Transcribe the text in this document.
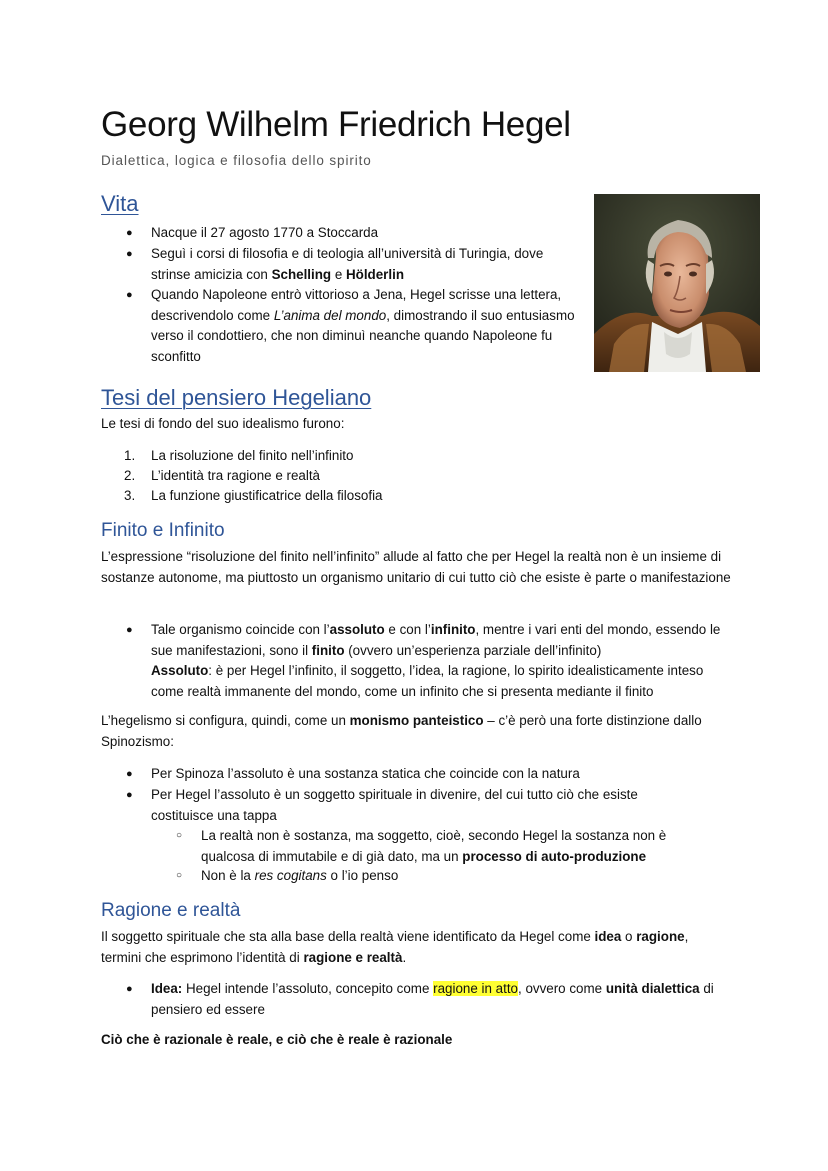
Georg Wilhelm Friedrich Hegel
Dialettica, logica e filosofia dello spirito
Vita
● Nacque il 27 agosto 1770 a Stoccarda
● Seguì i corsi di filosofia e di teologia all’università di Turingia, dove strinse amicizia con Schelling e Hölderlin
● Quando Napoleone entrò vittorioso a Jena, Hegel scrisse una lettera, descrivendolo come L’anima del mondo, dimostrando il suo entusiasmo verso il condottiero, che non diminuì neanche quando Napoleone fu sconfitto
Tesi del pensiero Hegeliano
Le tesi di fondo del suo idealismo furono:
1. La risoluzione del finito nell’infinito
2. L’identità tra ragione e realtà
3. La funzione giustificatrice della filosofia
Finito e Infinito
L’espressione “risoluzione del finito nell’infinito” allude al fatto che per Hegel la realtà non è un insieme di sostanze autonome, ma piuttosto un organismo unitario di cui tutto ciò che esiste è parte o manifestazione
● Tale organismo coincide con l’assoluto e con l’infinito, mentre i vari enti del mondo, essendo le sue manifestazioni, sono il finito (ovvero un’esperienza parziale dell’infinito)
Assoluto: è per Hegel l’infinito, il soggetto, l’idea, la ragione, lo spirito idealisticamente inteso come realtà immanente del mondo, come un infinito che si presenta mediante il finito
L’hegelismo si configura, quindi, come un monismo panteistico – c’è però una forte distinzione dallo Spinozismo:
● Per Spinoza l’assoluto è una sostanza statica che coincide con la natura
● Per Hegel l’assoluto è un soggetto spirituale in divenire, del cui tutto ciò che esiste costituisce una tappa
○ La realtà non è sostanza, ma soggetto, cioè, secondo Hegel la sostanza non è qualcosa di immutabile e di già dato, ma un processo di auto-produzione
○ Non è la res cogitans o l’io penso
Ragione e realtà
Il soggetto spirituale che sta alla base della realtà viene identificato da Hegel come idea o ragione, termini che esprimono l’identità di ragione e realtà.
● Idea: Hegel intende l’assoluto, concepito come ragione in atto, ovvero come unità dialettica di pensiero ed essere
Ciò che è razionale è reale, e ciò che è reale è razionale
